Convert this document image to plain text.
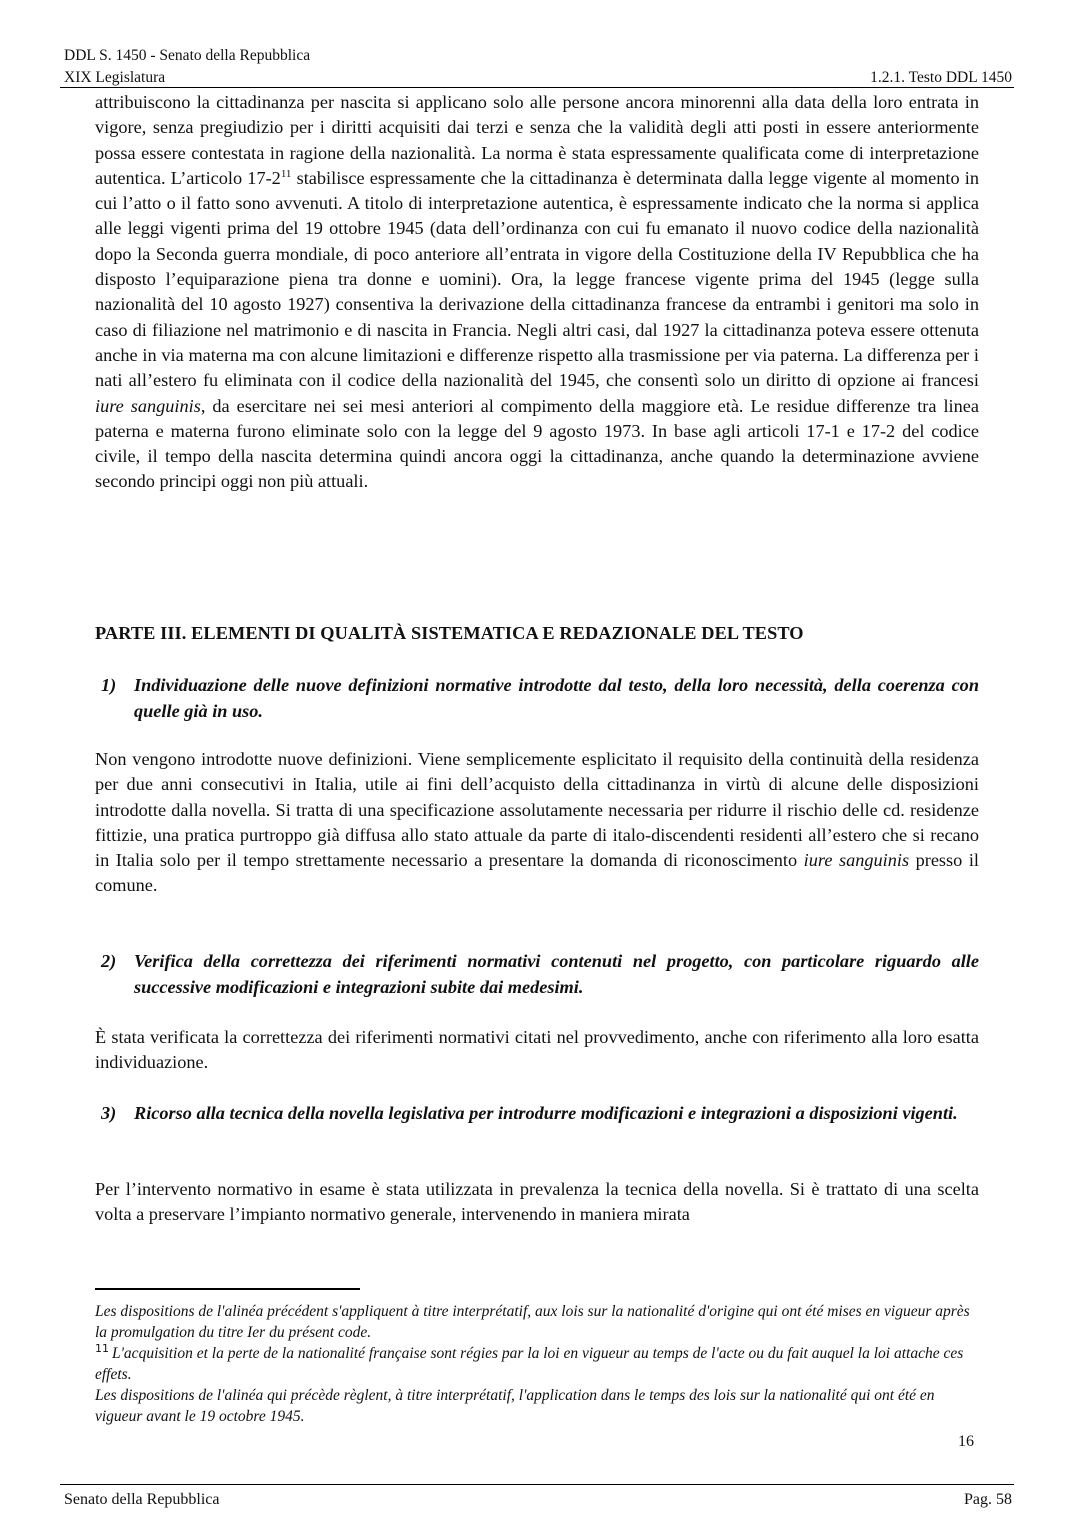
DDL S. 1450 - Senato della Repubblica
XIX Legislatura	1.2.1. Testo DDL 1450

attribuiscono la cittadinanza per nascita si applicano solo alle persone ancora minorenni alla data della loro entrata in vigore, senza pregiudizio per i diritti acquisiti dai terzi e senza che la validità degli atti posti in essere anteriormente possa essere contestata in ragione della nazionalità. La norma è stata espressamente qualificata come di interpretazione autentica. L’articolo $17-2^{11}$ stabilisce espressamente che la cittadinanza è determinata dalla legge vigente al momento in cui l’atto o il fatto sono avvenuti. A titolo di interpretazione autentica, è espressamente indicato che la norma si applica alle leggi vigenti prima del 19 ottobre 1945 (data dell’ordinanza con cui fu emanato il nuovo codice della nazionalità dopo la Seconda guerra mondiale, di poco anteriore all’entrata in vigore della Costituzione della IV Repubblica che ha disposto l’equiparazione piena tra donne e uomini). Ora, la legge francese vigente prima del 1945 (legge sulla nazionalità del 10 agosto 1927) consentiva la derivazione della cittadinanza francese da entrambi i genitori ma solo in caso di filiazione nel matrimonio e di nascita in Francia. Negli altri casi, dal 1927 la cittadinanza poteva essere ottenuta anche in via materna ma con alcune limitazioni e differenze rispetto alla trasmissione per via paterna. La differenza per i nati all’estero fu eliminata con il codice della nazionalità del 1945, che consentì solo un diritto di opzione ai francesi iure sanguinis, da esercitare nei sei mesi anteriori al compimento della maggiore età. Le residue differenze tra linea paterna e materna furono eliminate solo con la legge del 9 agosto 1973. In base agli articoli 17-1 e 17-2 del codice civile, il tempo della nascita determina quindi ancora oggi la cittadinanza, anche quando la determinazione avviene secondo principi oggi non più attuali.

PARTE III. ELEMENTI DI QUALITÀ SISTEMATICA E REDAZIONALE DEL TESTO
1) Individuazione delle nuove definizioni normative introdotte dal testo, della loro necessità, della coerenza con quelle già in uso.

Non vengono introdotte nuove definizioni. Viene semplicemente esplicitato il requisito della continuità della residenza per due anni consecutivi in Italia, utile ai fini dell’acquisto della cittadinanza in virtù di alcune delle disposizioni introdotte dalla novella. Si tratta di una specificazione assolutamente necessaria per ridurre il rischio delle cd. residenze fittizie, una pratica purtroppo già diffusa allo stato attuale da parte di italo-discendenti residenti all’estero che si recano in Italia solo per il tempo strettamente necessario a presentare la domanda di riconoscimento iure sanguinis presso il comune.

2) Verifica della correttezza dei riferimenti normativi contenuti nel progetto, con particolare riguardo alle successive modificazioni e integrazioni subite dai medesimi.

È stata verificata la correttezza dei riferimenti normativi citati nel provvedimento, anche con riferimento alla loro esatta individuazione.

3) Ricorso alla tecnica della novella legislativa per introdurre modificazioni e integrazioni a disposizioni vigenti.

Per l’intervento normativo in esame è stata utilizzata in prevalenza la tecnica della novella. Si è trattato di una scelta volta a preservare l’impianto normativo generale, intervenendo in maniera mirata

Les dispositions de l'alinéa précédent s'appliquent à titre interprétatif, aux lois sur la nationalité d'origine qui ont été mises en vigueur après la promulgation du titre Ier du présent code.

$^{11}$ L'acquisition et la perte de la nationalité française sont régies par la loi en vigueur au temps de l'acte ou du fait auquel la loi attache ces effets.

Les dispositions de l'alinéa qui précède règlent, à titre interprétatif, l'application dans le temps des lois sur la nationalité qui ont été en vigueur avant le 19 octobre 1945.

16
Senato della Repubblica	Pag. 58
